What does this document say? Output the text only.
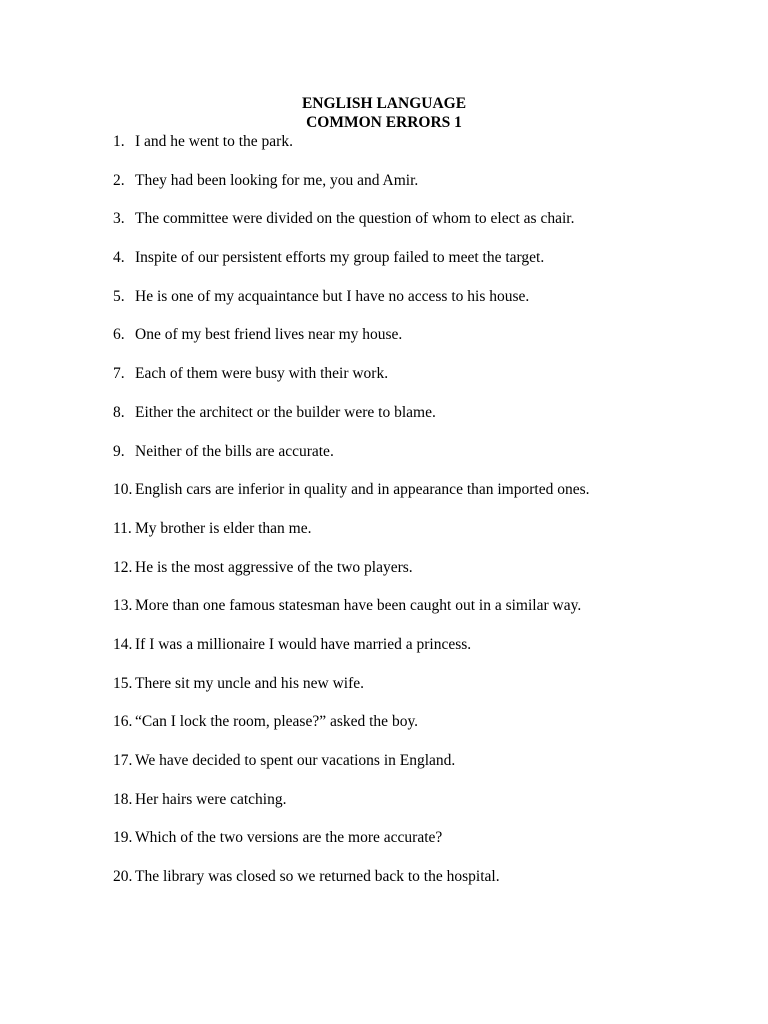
ENGLISH LANGUAGE
COMMON ERRORS 1
1. I and he went to the park.
2. They had been looking for me, you and Amir.
3. The committee were divided on the question of whom to elect as chair.
4. Inspite of our persistent efforts my group failed to meet the target.
5. He is one of my acquaintance but I have no access to his house.
6. One of my best friend lives near my house.
7. Each of them were busy with their work.
8. Either the architect or the builder were to blame.
9. Neither of the bills are accurate.
10. English cars are inferior in quality and in appearance than imported ones.
11. My brother is elder than me.
12. He is the most aggressive of the two players.
13. More than one famous statesman have been caught out in a similar way.
14. If I was a millionaire I would have married a princess.
15. There sit my uncle and his new wife.
16. “Can I lock the room, please?” asked the boy.
17. We have decided to spent our vacations in England.
18. Her hairs were catching.
19. Which of the two versions are the more accurate?
20. The library was closed so we returned back to the hospital.
